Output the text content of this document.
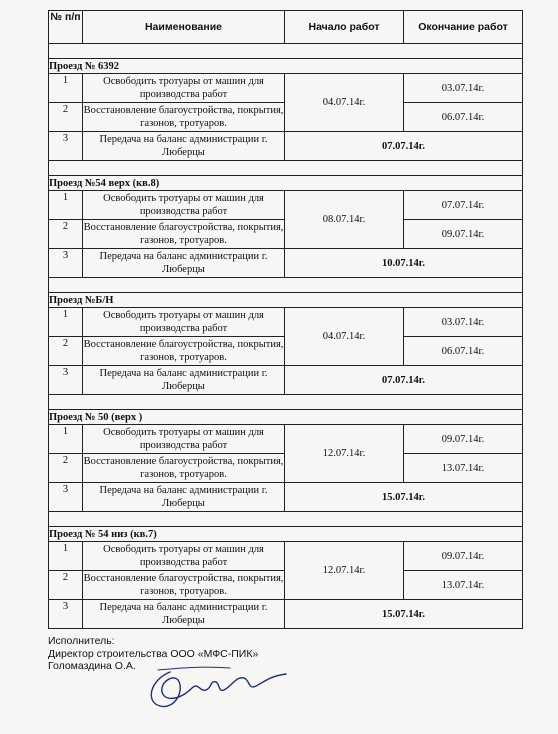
№ п/п	Наименование	Начало работ	Окончание работ

Проезд № 6392			
1	Освободить тротуары от машин для производства работ	04.07.14г.	03.07.14г.
2	Восстановление благоустройства, покрытия, газонов, тротуаров.		06.07.14г.
3	Передача на баланс администрации г. Люберцы	07.07.14г.	

Проезд №54 верх (кв.8)			
1	Освободить тротуары от машин для производства работ	08.07.14г.	07.07.14г.
2	Восстановление благоустройства, покрытия, газонов, тротуаров.		09.07.14г.
3	Передача на баланс администрации г. Люберцы	10.07.14г.	

Проезд №Б/Н			
1	Освободить тротуары от машин для производства работ	04.07.14г.	03.07.14г.
2	Восстановление благоустройства, покрытия, газонов, тротуаров.		06.07.14г.
3	Передача на баланс администрации г. Люберцы	07.07.14г.	

Проезд № 50 (верх )			
1	Освободить тротуары от машин для производства работ	12.07.14г.	09.07.14г.
2	Восстановление благоустройства, покрытия, газонов, тротуаров.		13.07.14г.
3	Передача на баланс администрации г. Люберцы	15.07.14г.	

Проезд № 54 низ (кв.7)			
1	Освободить тротуары от машин для производства работ	12.07.14г.	09.07.14г.
2	Восстановление благоустройства, покрытия, газонов, тротуаров.		13.07.14г.
3	Передача на баланс администрации г. Люберцы	15.07.14г.	
Исполнитель:
Директор строительства ООО «МФС-ПИК»
Голомаздина О.А.
